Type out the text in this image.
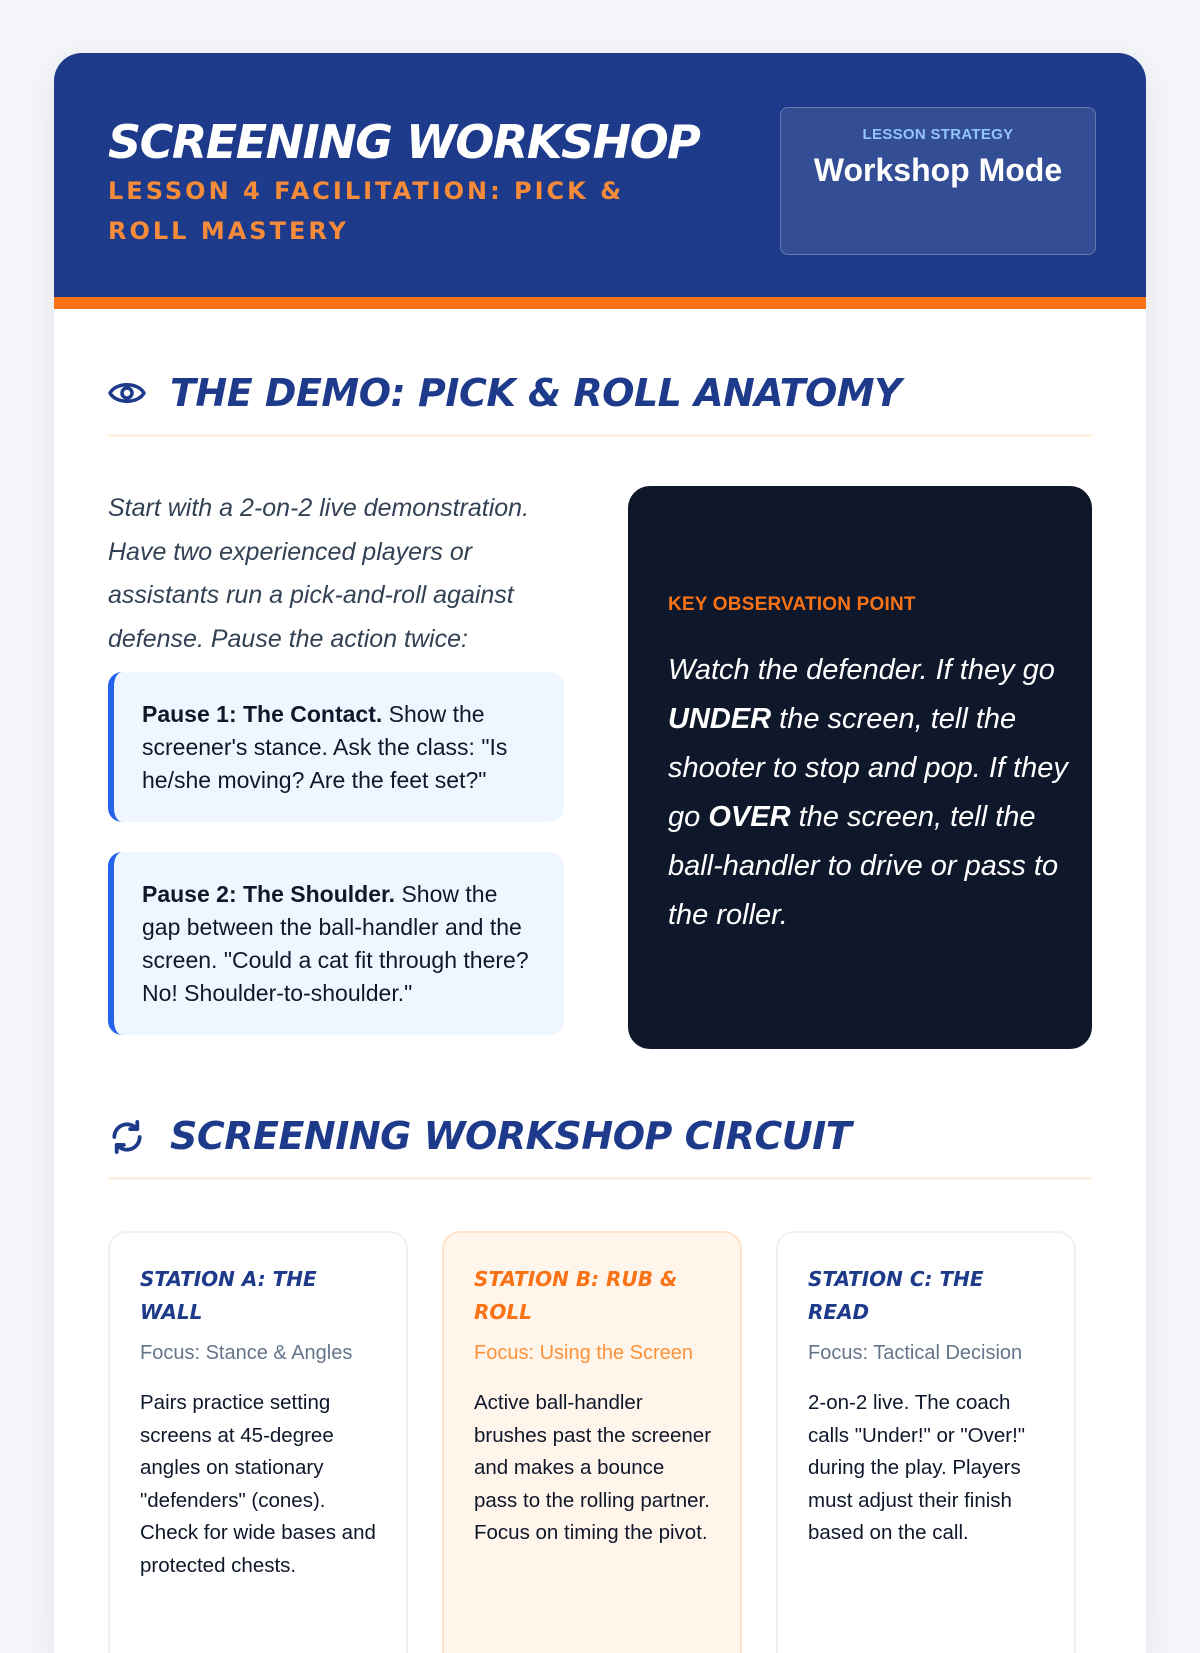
SCREENING WORKSHOP
LESSON 4 FACILITATION: PICK & ROLL MASTERY
LESSON STRATEGY
Workshop Mode
THE DEMO: PICK & ROLL ANATOMY
Start with a 2-on-2 live demonstration. Have two experienced players or assistants run a pick-and-roll against defense. Pause the action twice:
Pause 1: The Contact. Show the screener's stance. Ask the class: "Is he/she moving? Are the feet set?"
Pause 2: The Shoulder. Show the gap between the ball-handler and the screen. "Could a cat fit through there? No! Shoulder-to-shoulder."
KEY OBSERVATION POINT
Watch the defender. If they go UNDER the screen, tell the shooter to stop and pop. If they go OVER the screen, tell the ball-handler to drive or pass to the roller.
SCREENING WORKSHOP CIRCUIT
STATION A: THE WALL
Focus: Stance & Angles
Pairs practice setting screens at 45-degree angles on stationary "defenders" (cones). Check for wide bases and protected chests.
STATION B: RUB & ROLL
Focus: Using the Screen
Active ball-handler brushes past the screener and makes a bounce pass to the rolling partner. Focus on timing the pivot.
STATION C: THE READ
Focus: Tactical Decision
2-on-2 live. The coach calls "Under!" or "Over!" during the play. Players must adjust their finish based on the call.
